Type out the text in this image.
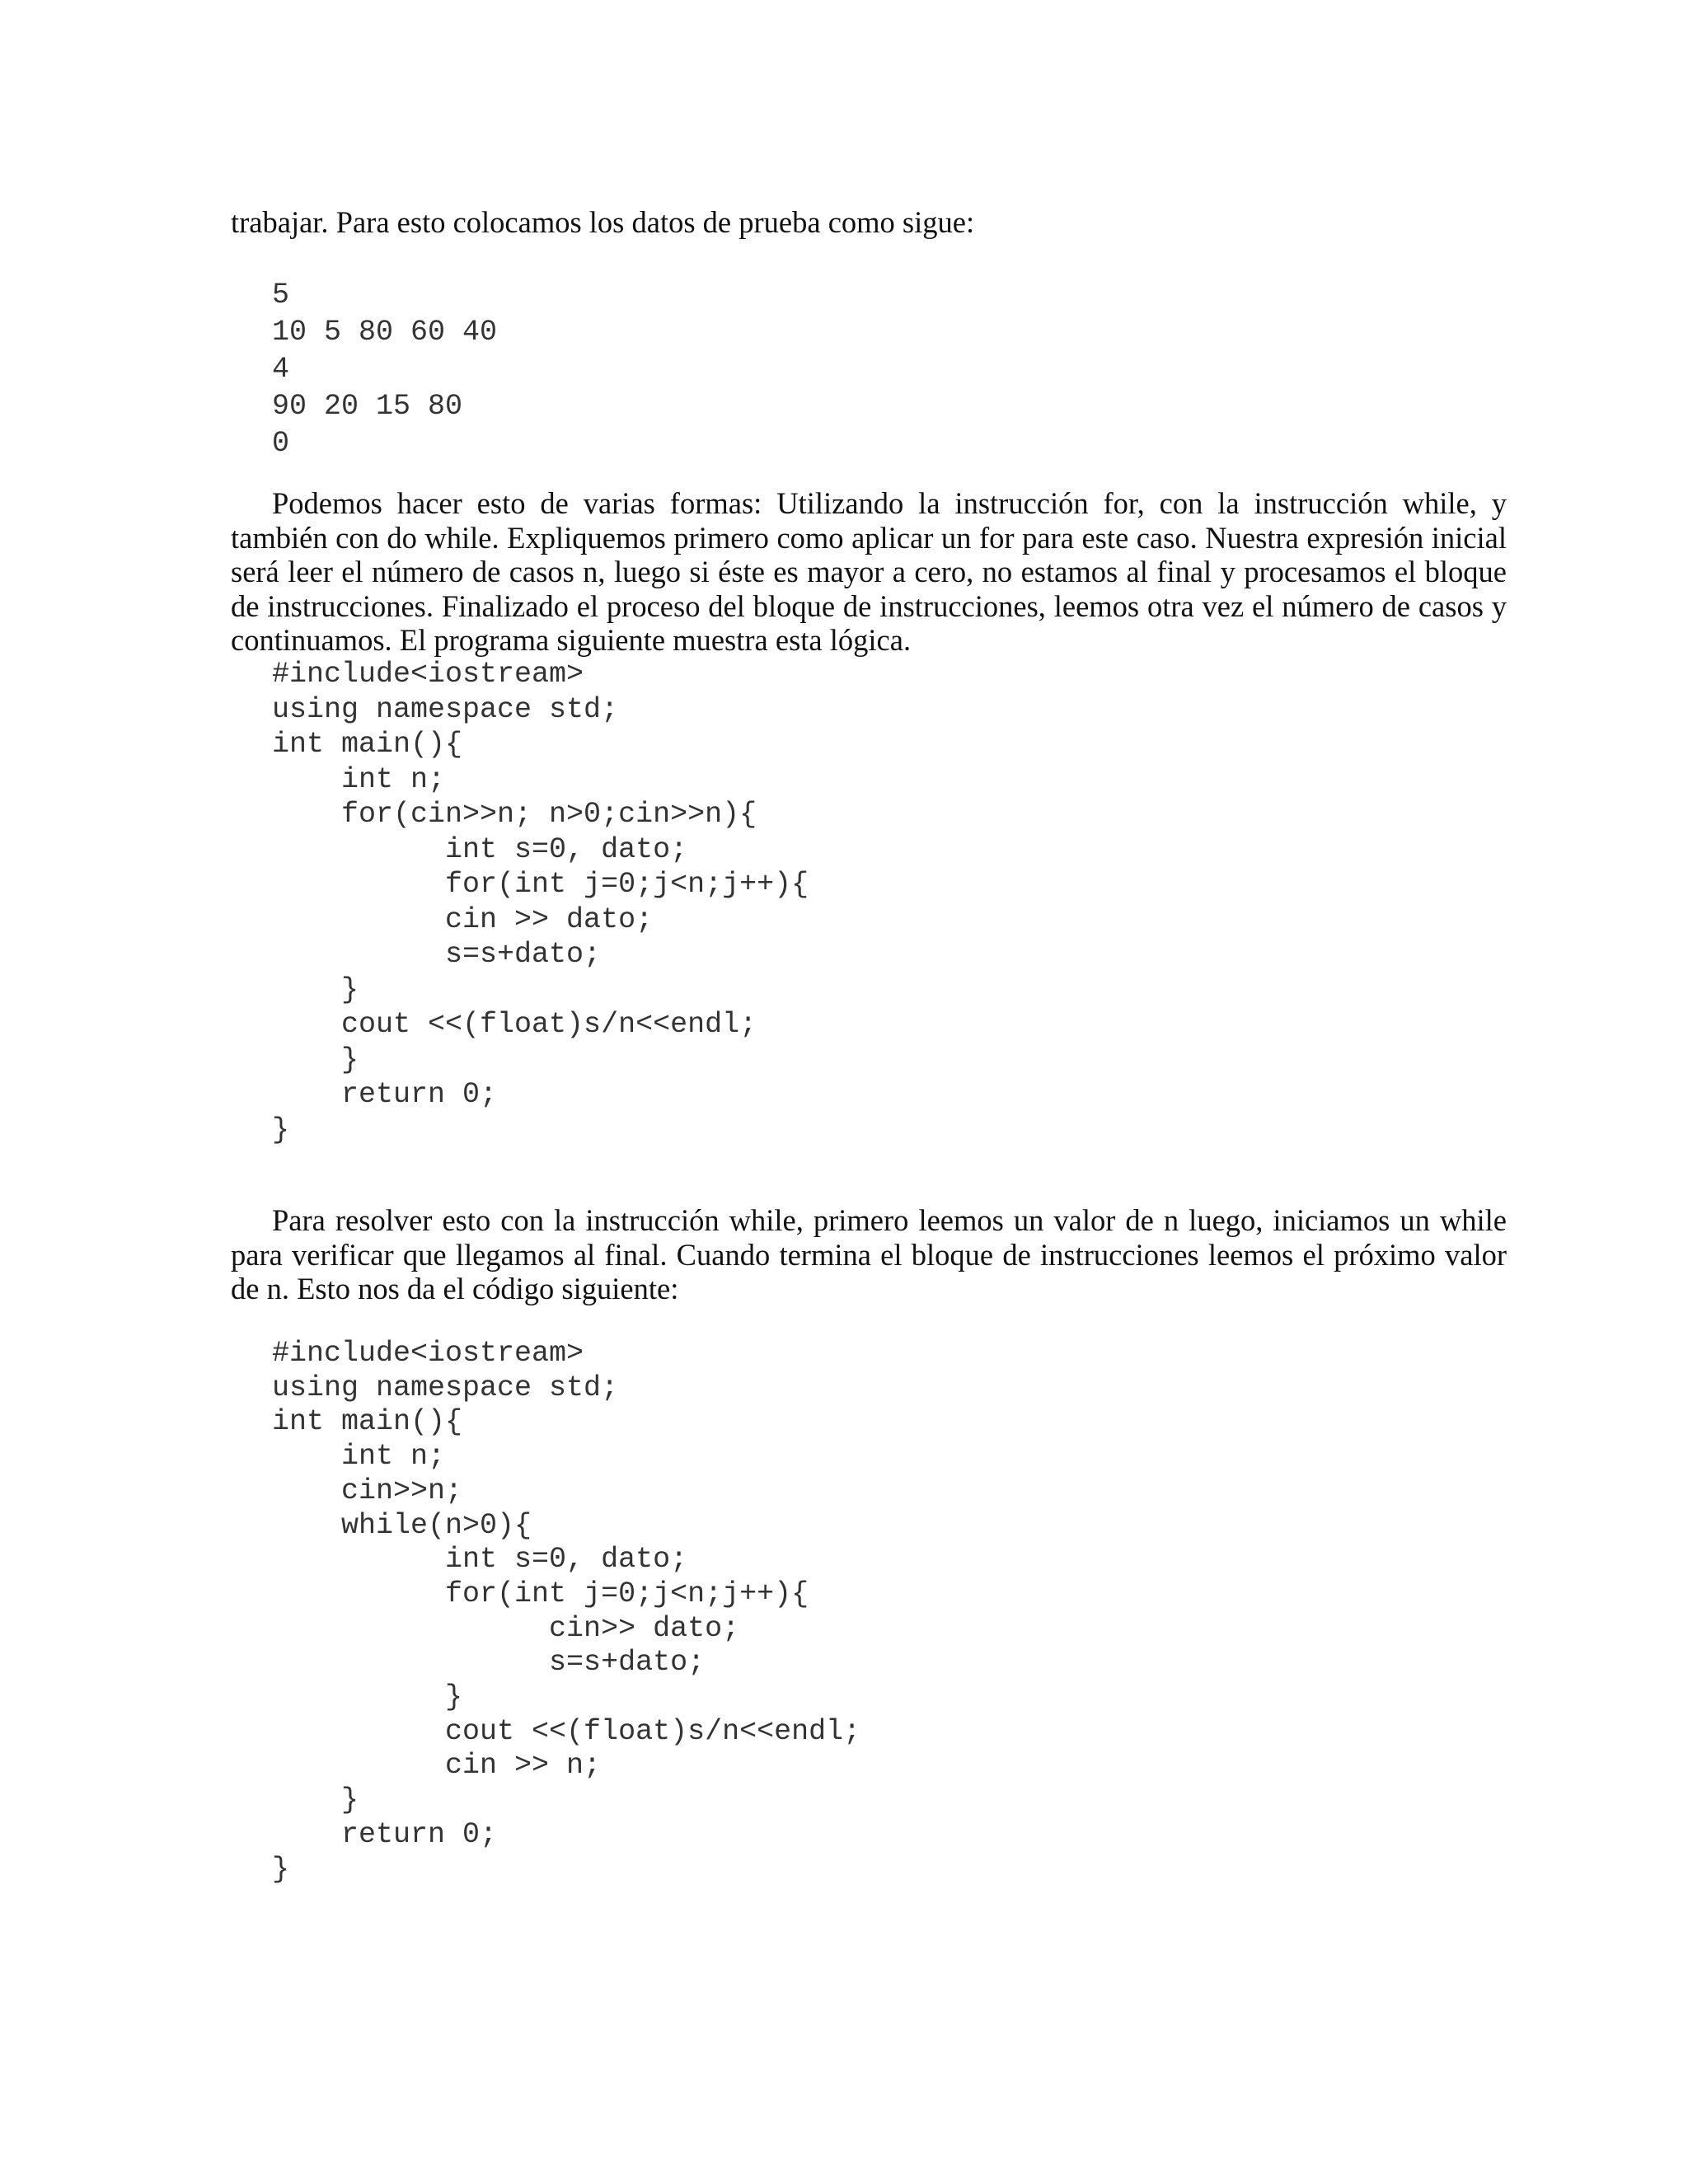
trabajar. Para esto colocamos los datos de prueba como sigue:

5
10 5 80 60 40
4
90 20 15 80
0

Podemos hacer esto de varias formas: Utilizando la instrucción for, con la instrucción while, y también con do while. Expliquemos primero como aplicar un for para este caso. Nuestra expresión inicial será leer el número de casos n, luego si éste es mayor a cero, no estamos al final y procesamos el bloque de instrucciones. Finalizado el proceso del bloque de instrucciones, leemos otra vez el número de casos y continuamos. El programa siguiente muestra esta lógica.

#include<iostream>
using namespace std;
int main(){
int n;
for(cin>>n; n>0;cin>>n){
int s=0, dato;
for(int j=0;j<n;j++){
cin >> dato;
s=s+dato;
}
cout <<(float)s/n<<endl;
}
return 0;
}

Para resolver esto con la instrucción while, primero leemos un valor de n luego, iniciamos un while para verificar que llegamos al final. Cuando termina el bloque de instrucciones leemos el próximo valor de n. Esto nos da el código siguiente:

#include<iostream>
using namespace std;
int main(){
int n;
cin>>n;
while(n>0){
int s=0, dato;
for(int j=0;j<n;j++){
cin>> dato;
s=s+dato;
}
cout <<(float)s/n<<endl;
cin >> n;
}
return 0;
}
